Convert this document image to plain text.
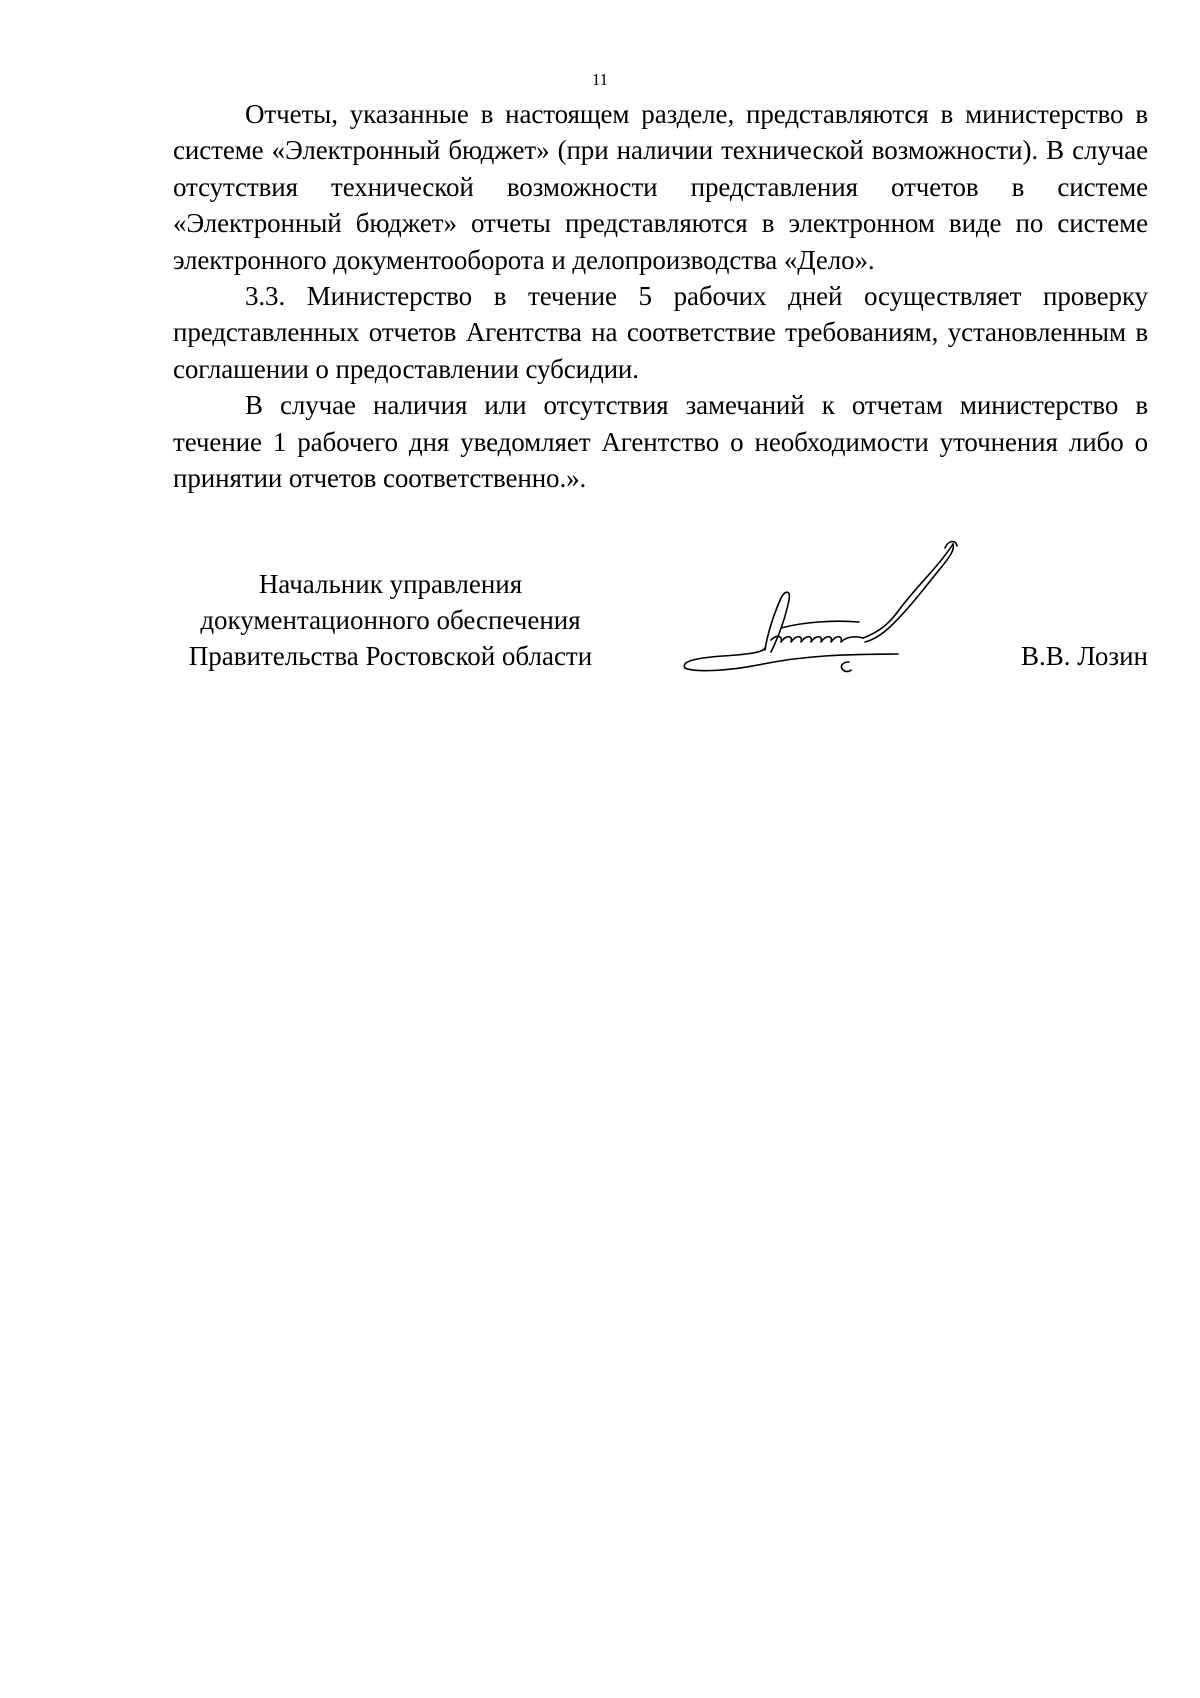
11

Отчеты, указанные в настоящем разделе, представляются в министерство в системе «Электронный бюджет» (при наличии технической возможности). В случае отсутствия технической возможности представления отчетов в системе «Электронный бюджет» отчеты представляются в электронном виде по системе электронного документооборота и делопроизводства «Дело».

3.3. Министерство в течение 5 рабочих дней осуществляет проверку представленных отчетов Агентства на соответствие требованиям, установленным в соглашении о предоставлении субсидии.

В случае наличия или отсутствия замечаний к отчетам министерство в течение 1 рабочего дня уведомляет Агентство о необходимости уточнения либо о принятии отчетов соответственно.».

Начальник управления
документационного обеспечения
Правительства Ростовской области	В.В. Лозин
